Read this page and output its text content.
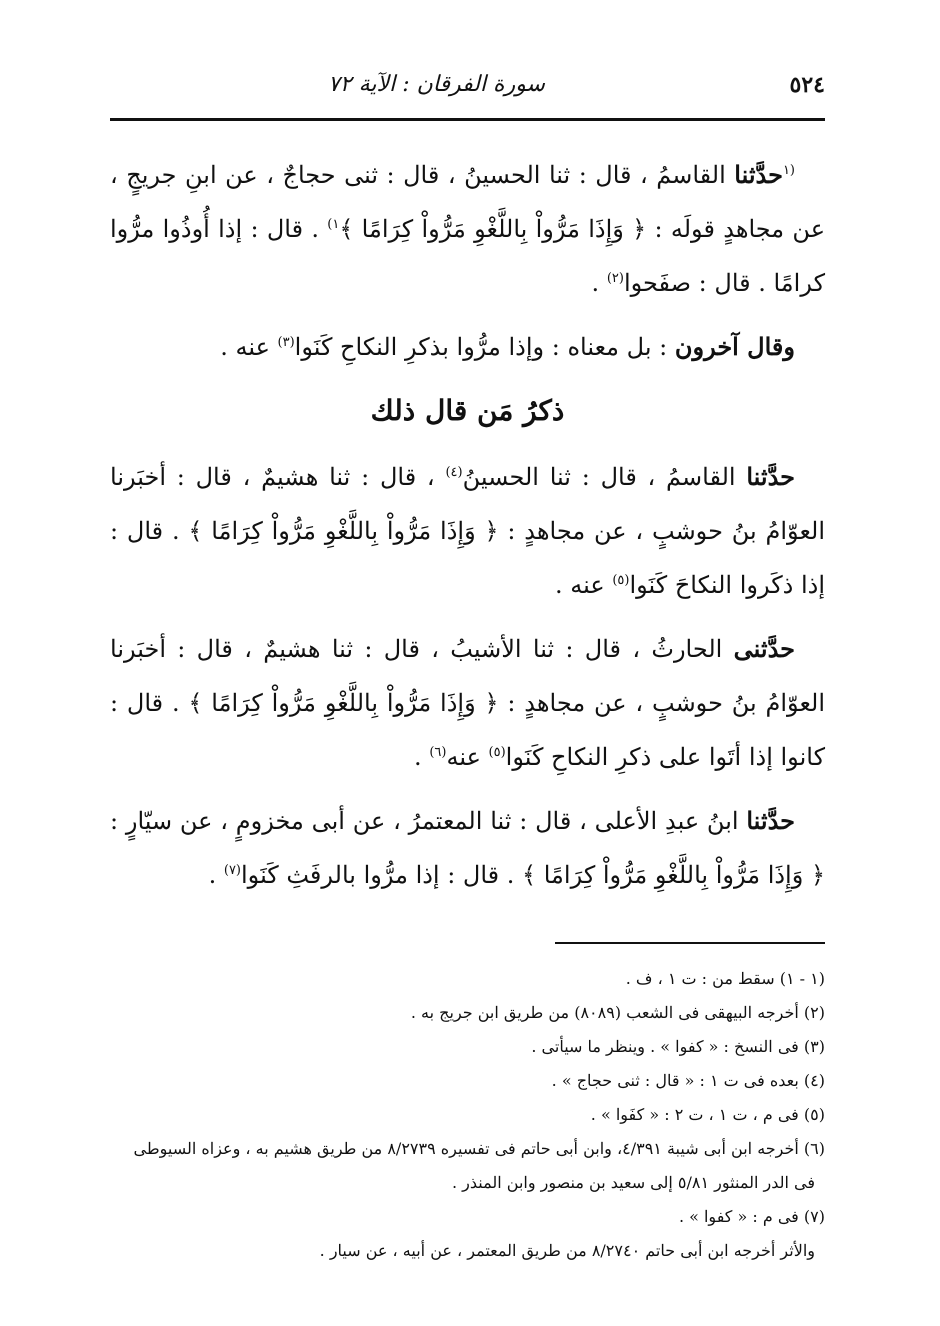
٥٢٤
سورة الفرقان : الآية ٧٢

$^{(١}$حدَّثنا القاسمُ ، قال : ثنا الحسينُ ، قال : ثنى حجاجٌ ، عن ابنِ جريجٍ ، عن مجاهدٍ قولَه : ﴿ وَإِذَا مَرُّواْ بِاللَّغْوِ مَرُّواْ كِرَامًا ﴾$^{١)}$ . قال : إذا أُوذُوا مرُّوا كرامًا . قال : صفَحوا$^{(٢)}$ .

وقال آخرون : بل معناه : وإذا مرُّوا بذكرِ النكاحِ كَنَوا$^{(٣)}$ عنه .

ذكرُ مَن قال ذلك

حدَّثنا القاسمُ ، قال : ثنا الحسينُ$^{(٤)}$ ، قال : ثنا هشيمٌ ، قال : أخبَرنا العوّامُ بنُ حوشبٍ ، عن مجاهدٍ : ﴿ وَإِذَا مَرُّواْ بِاللَّغْوِ مَرُّواْ كِرَامًا ﴾ . قال : إذا ذكَروا النكاحَ كَنَوا$^{(٥)}$ عنه .

حدَّثنى الحارثُ ، قال : ثنا الأشيبُ ، قال : ثنا هشيمٌ ، قال : أخبَرنا العوّامُ بنُ حوشبٍ ، عن مجاهدٍ : ﴿ وَإِذَا مَرُّواْ بِاللَّغْوِ مَرُّواْ كِرَامًا ﴾ . قال : كانوا إذا أتَوا على ذكرِ النكاحِ كَنَوا$^{(٥)}$ عنه$^{(٦)}$ .

حدَّثنا ابنُ عبدِ الأعلى ، قال : ثنا المعتمرُ ، عن أبى مخزومٍ ، عن سيّارٍ : ﴿ وَإِذَا مَرُّواْ بِاللَّغْوِ مَرُّواْ كِرَامًا ﴾ . قال : إذا مرُّوا بالرفَثِ كَنَوا$^{(٧)}$ .

(١ - ١) سقط من : ت ١ ، ف .

(٢) أخرجه البيهقى فى الشعب (٨٠٨٩) من طريق ابن جريج به .

(٣) فى النسخ : « كفوا » . وينظر ما سيأتى .

(٤) بعده فى ت ١ : « قال : ثنى حجاج » .

(٥) فى م ، ت ١ ، ت ٢ : « كفَوا » .

(٦) أخرجه ابن أبى شيبة ٤/٣٩١، وابن أبى حاتم فى تفسيره ٨/٢٧٣٩ من طريق هشيم به ، وعزاه السيوطى

فى الدر المنثور ٥/٨١ إلى سعيد بن منصور وابن المنذر .

(٧) فى م : « كفوا » .

والأثر أخرجه ابن أبى حاتم ٨/٢٧٤٠ من طريق المعتمر ، عن أبيه ، عن سيار .
